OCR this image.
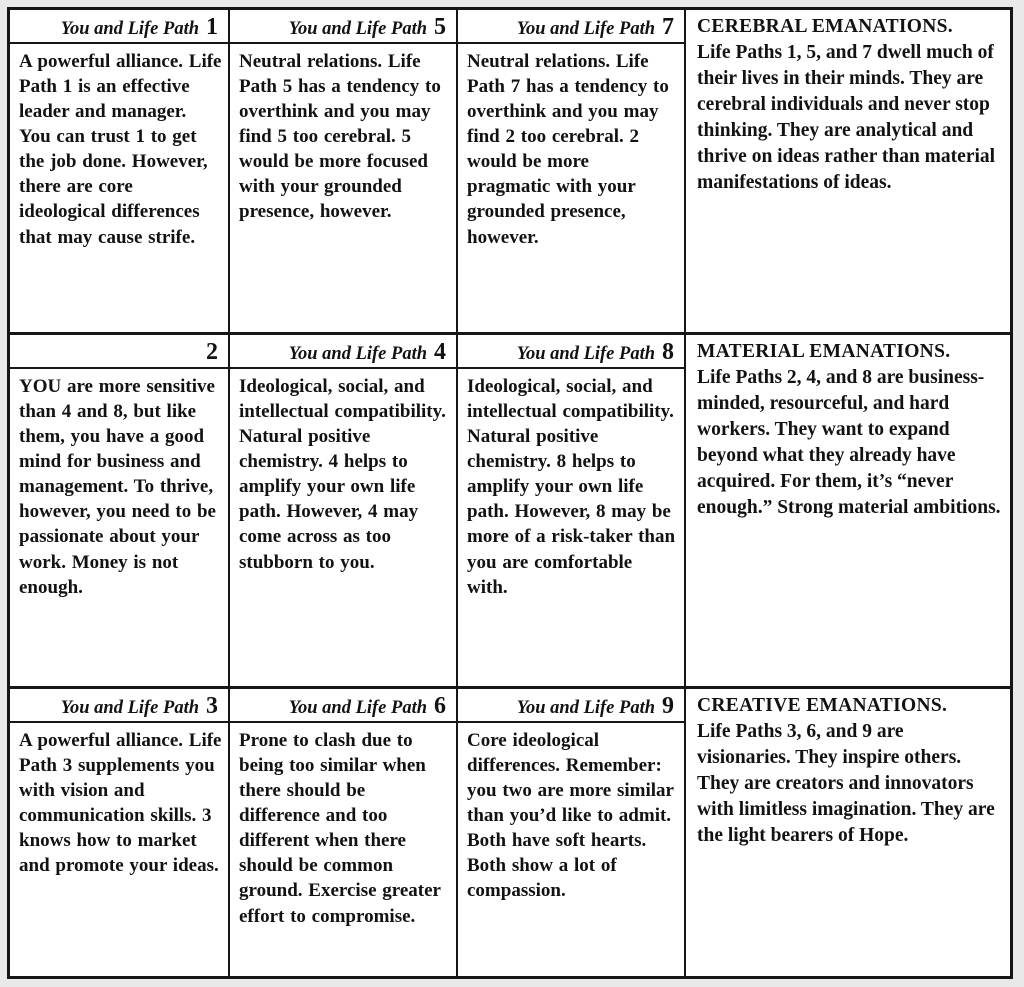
You and Life Path 1
A powerful alliance. Life Path 1 is an effective leader and manager. You can trust 1 to get the job done. However, there are core ideological differences that may cause strife.
You and Life Path 5
Neutral relations. Life Path 5 has a tendency to overthink and you may find 5 too cerebral. 5 would be more focused with your grounded presence, however.
You and Life Path 7
Neutral relations. Life Path 7 has a tendency to overthink and you may find 2 too cerebral. 2 would be more pragmatic with your grounded presence, however.
CEREBRAL EMANATIONS.
Life Paths 1, 5, and 7 dwell much of their lives in their minds. They are cerebral individuals and never stop thinking. They are analytical and thrive on ideas rather than material manifestations of ideas.
2
YOU are more sensitive than 4 and 8, but like them, you have a good mind for business and management. To thrive, however, you need to be passionate about your work. Money is not enough.
You and Life Path 4
Ideological, social, and intellectual compatibility. Natural positive chemistry. 4 helps to amplify your own life path. However, 4 may come across as too stubborn to you.
You and Life Path 8
Ideological, social, and intellectual compatibility. Natural positive chemistry. 8 helps to amplify your own life path. However, 8 may be more of a risk-taker than you are comfortable with.
MATERIAL EMANATIONS.
Life Paths 2, 4, and 8 are business-minded, resourceful, and hard workers. They want to expand beyond what they already have acquired. For them, it’s “never enough.” Strong material ambitions.
You and Life Path 3
A powerful alliance. Life Path 3 supplements you with vision and communication skills. 3 knows how to market and promote your ideas.
You and Life Path 6
Prone to clash due to being too similar when there should be difference and too different when there should be common ground. Exercise greater effort to compromise.
You and Life Path 9
Core ideological differences. Remember: you two are more similar than you’d like to admit. Both have soft hearts. Both show a lot of compassion.
CREATIVE EMANATIONS.
Life Paths 3, 6, and 9 are visionaries. They inspire others. They are creators and innovators with limitless imagination. They are the light bearers of Hope.
